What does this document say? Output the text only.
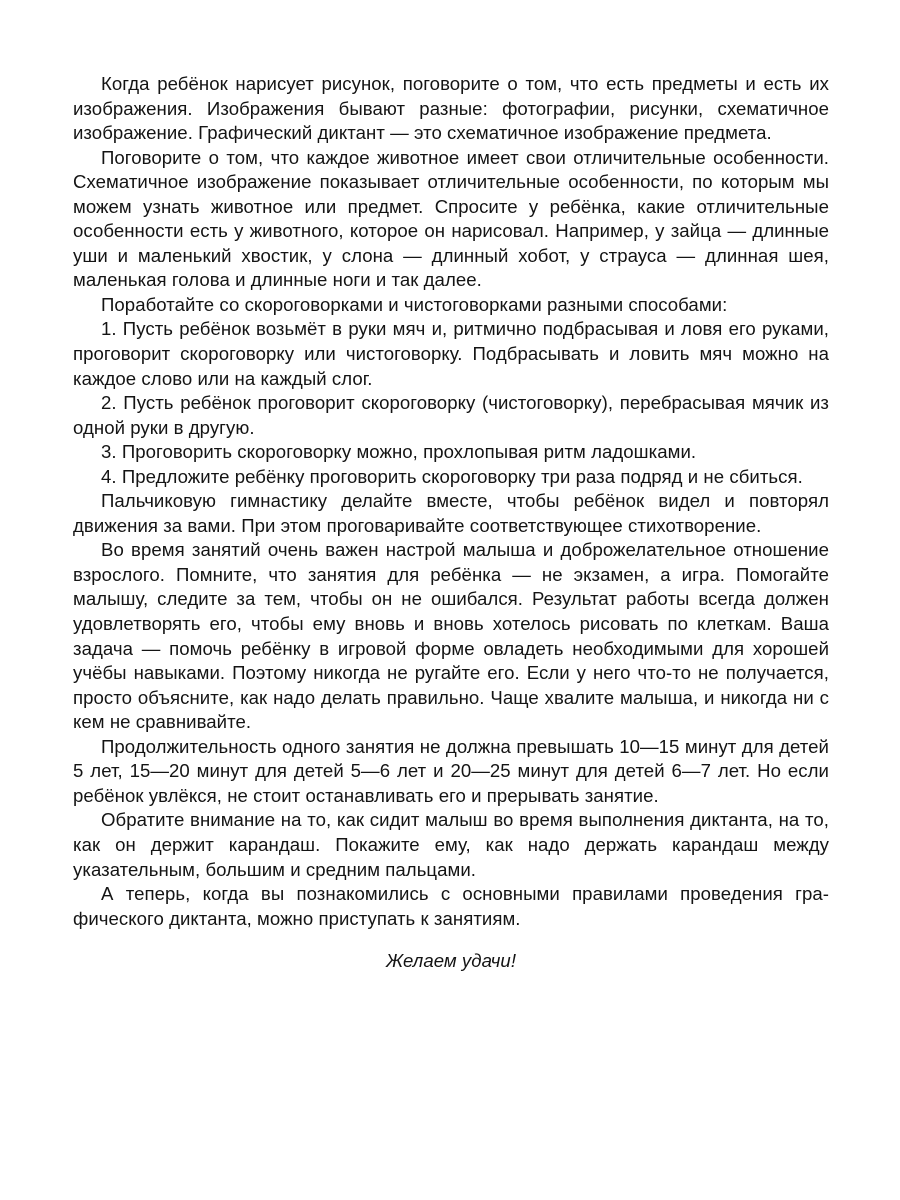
Когда ребёнок нарисует рисунок, поговорите о том, что есть предметы и есть их изображения. Изображения бывают разные: фотографии, рисунки, схематичное изображение. Графический диктант — это схематичное изображение предмета.

Поговорите о том, что каждое животное имеет свои отличительные особенности. Схематичное изображение показывает отличительные особенности, по которым мы можем узнать животное или предмет. Спросите у ребёнка, какие отличительные особенности есть у животного, которое он нарисовал. Например, у зайца — длинные уши и маленький хвостик, у слона — длинный хобот, у страуса — длинная шея, маленькая голова и длинные ноги и так далее.

Поработайте со скороговорками и чистоговорками разными способами:

1. Пусть ребёнок возьмёт в руки мяч и, ритмично подбрасывая и ловя его руками, проговорит скороговорку или чистоговорку. Подбрасывать и ловить мяч можно на каждое слово или на каждый слог.

2. Пусть ребёнок проговорит скороговорку (чистоговорку), перебрасывая мячик из одной руки в другую.

3. Проговорить скороговорку можно, прохлопывая ритм ладошками.

4. Предложите ребёнку проговорить скороговорку три раза подряд и не сбиться.

Пальчиковую гимнастику делайте вместе, чтобы ребёнок видел и повторял движения за вами. При этом проговаривайте соответствующее стихотворение.

Во время занятий очень важен настрой малыша и доброжелательное отношение взрослого. Помните, что занятия для ребёнка — не экзамен, а игра. Помогайте малышу, следите за тем, чтобы он не ошибался. Результат работы всегда должен удовлетворять его, чтобы ему вновь и вновь хотелось рисовать по клеткам. Ваша задача — помочь ребёнку в игровой форме овладеть необходимыми для хорошей учёбы навыками. Поэтому никогда не ругайте его. Если у него что-то не получается, просто объясните, как надо делать правильно. Чаще хвалите малыша, и никогда ни с кем не сравнивайте.

Продолжительность одного занятия не должна превышать 10—15 минут для детей 5 лет, 15—20 минут для детей 5—6 лет и 20—25 минут для детей 6—7 лет. Но если ребёнок увлёкся, не стоит останавливать его и прерывать занятие.

Обратите внимание на то, как сидит малыш во время выполнения диктанта, на то, как он держит карандаш. Покажите ему, как надо держать карандаш между указательным, большим и средним пальцами.

А теперь, когда вы познакомились с основными правилами проведения графического диктанта, можно приступать к занятиям.

Желаем удачи!
